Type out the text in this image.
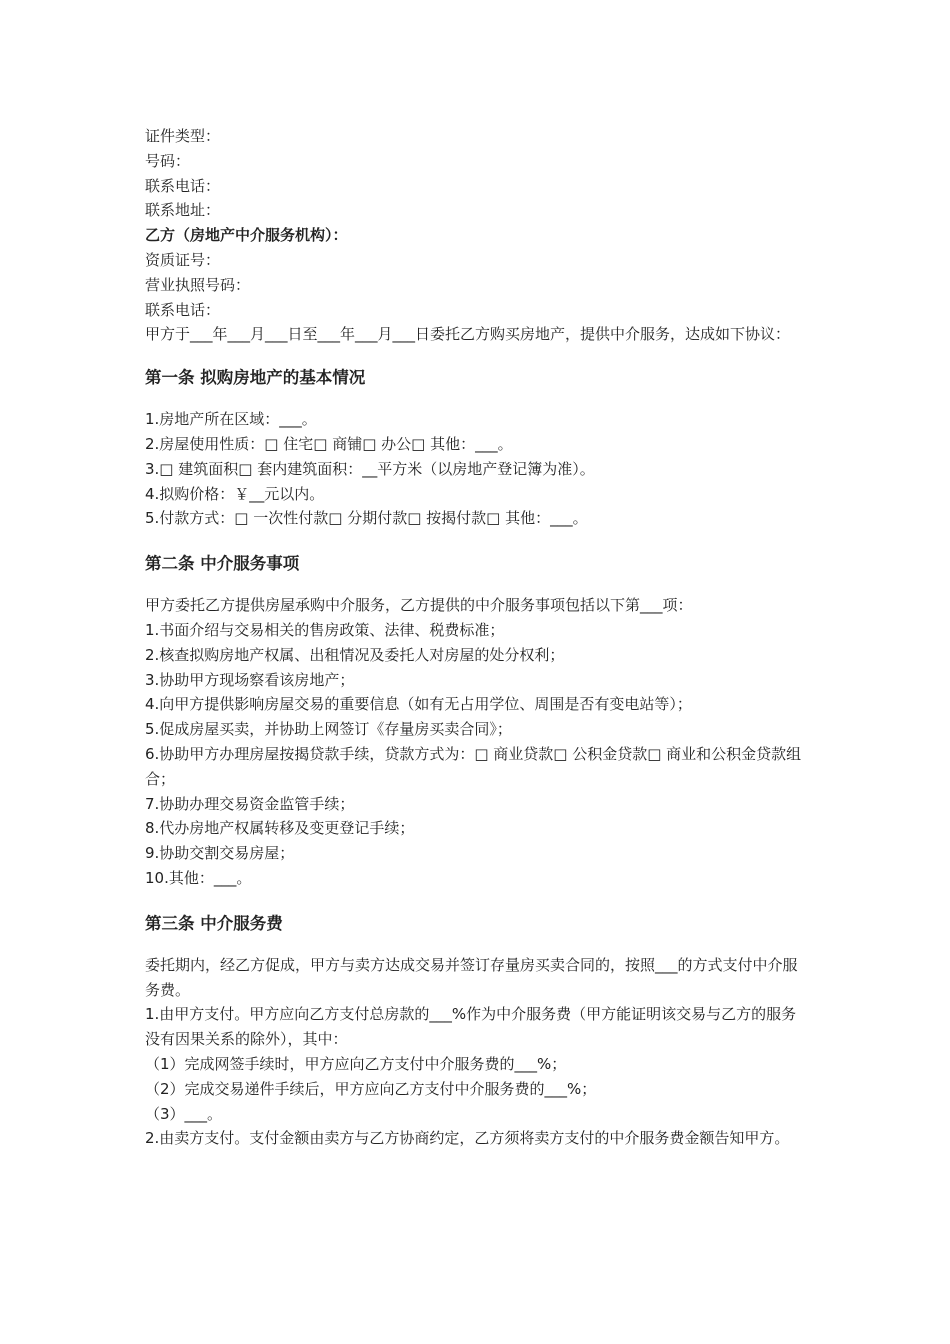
证件类型：
号码：
联系电话：
联系地址：
乙方（房地产中介服务机构）：
资质证号：
营业执照号码：
联系电话：
甲方于___年___月___日至___年___月___日委托乙方购买房地产，提供中介服务，达成如下协议：
第一条 拟购房地产的基本情况
1.房地产所在区域：___。
2.房屋使用性质：□ 住宅□ 商铺□ 办公□ 其他：___。
3.□ 建筑面积□ 套内建筑面积：__平方米（以房地产登记簿为准）。
4.拟购价格：￥__元以内。
5.付款方式：□ 一次性付款□ 分期付款□ 按揭付款□ 其他：___。
第二条 中介服务事项
甲方委托乙方提供房屋承购中介服务，乙方提供的中介服务事项包括以下第___项：
1.书面介绍与交易相关的售房政策、法律、税费标准；
2.核查拟购房地产权属、出租情况及委托人对房屋的处分权利；
3.协助甲方现场察看该房地产；
4.向甲方提供影响房屋交易的重要信息（如有无占用学位、周围是否有变电站等）；
5.促成房屋买卖，并协助上网签订《存量房买卖合同》；
6.协助甲方办理房屋按揭贷款手续，贷款方式为：□ 商业贷款□ 公积金贷款□ 商业和公积金贷款组合；
7.协助办理交易资金监管手续；
8.代办房地产权属转移及变更登记手续；
9.协助交割交易房屋；
10.其他：___。
第三条 中介服务费
委托期内，经乙方促成，甲方与卖方达成交易并签订存量房买卖合同的，按照___的方式支付中介服务费。
1.由甲方支付。甲方应向乙方支付总房款的___%作为中介服务费（甲方能证明该交易与乙方的服务没有因果关系的除外），其中：
（1）完成网签手续时，甲方应向乙方支付中介服务费的___%；
（2）完成交易递件手续后，甲方应向乙方支付中介服务费的___%；
（3）___。
2.由卖方支付。支付金额由卖方与乙方协商约定，乙方须将卖方支付的中介服务费金额告知甲方。
